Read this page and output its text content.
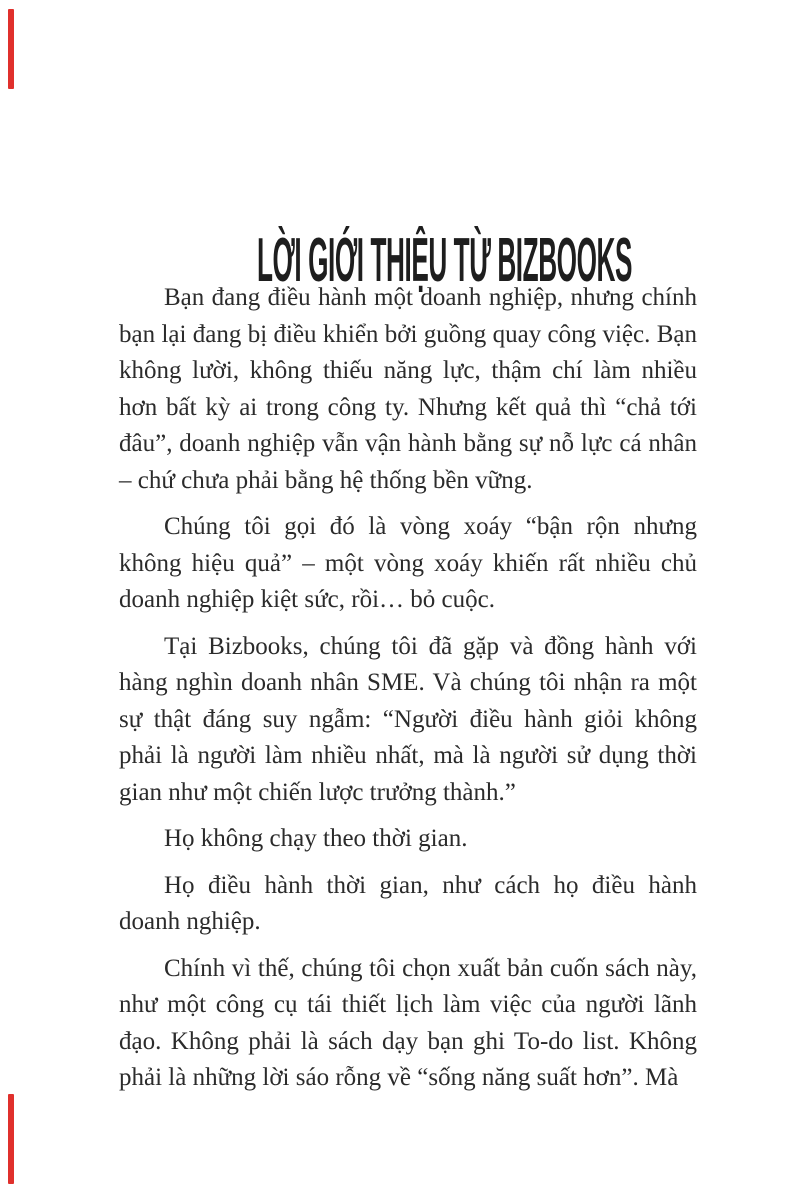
LỜI GIỚI THIỆU TỪ BIZBOOKS

Bạn đang điều hành một doanh nghiệp, nhưng chính bạn lại đang bị điều khiển bởi guồng quay công việc. Bạn không lười, không thiếu năng lực, thậm chí làm nhiều hơn bất kỳ ai trong công ty. Nhưng kết quả thì “chả tới đâu”, doanh nghiệp vẫn vận hành bằng sự nỗ lực cá nhân – chứ chưa phải bằng hệ thống bền vững.

Chúng tôi gọi đó là vòng xoáy “bận rộn nhưng không hiệu quả” – một vòng xoáy khiến rất nhiều chủ doanh nghiệp kiệt sức, rồi… bỏ cuộc.

Tại Bizbooks, chúng tôi đã gặp và đồng hành với hàng nghìn doanh nhân SME. Và chúng tôi nhận ra một sự thật đáng suy ngẫm: “Người điều hành giỏi không phải là người làm nhiều nhất, mà là người sử dụng thời gian như một chiến lược trưởng thành.”

Họ không chạy theo thời gian.

Họ điều hành thời gian, như cách họ điều hành doanh nghiệp.

Chính vì thế, chúng tôi chọn xuất bản cuốn sách này, như một công cụ tái thiết lịch làm việc của người lãnh đạo. Không phải là sách dạy bạn ghi To-do list. Không phải là những lời sáo rỗng về “sống năng suất hơn”. Mà
